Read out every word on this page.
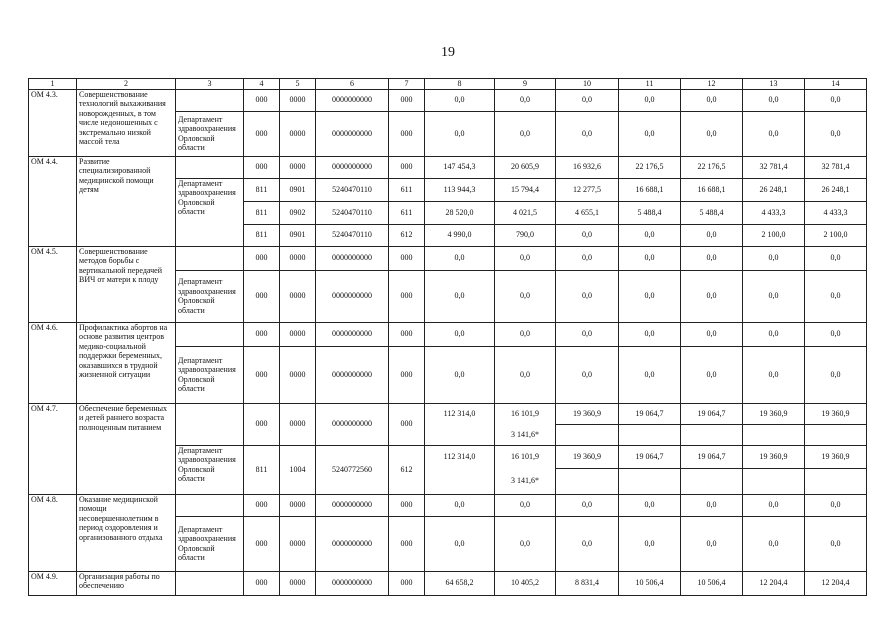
19
1	2	3	4	5	6	7	8	9	10	11	12	13	14
ОМ 4.3.	Совершенствование технологий выхаживания новорожденных, в том числе недоношенных с экстремально низкой массой тела		000	0000	0000000000	000	0,0	0,0	0,0	0,0	0,0	0,0	0,0
		Департамент здравоохранения Орловской области	000	0000	0000000000	000	0,0	0,0	0,0	0,0	0,0	0,0	0,0
ОМ 4.4.	Развитие специализированной медицинской помощи детям		000	0000	0000000000	000	147 454,3	20 605,9	16 932,6	22 176,5	22 176,5	32 781,4	32 781,4
		Департамент здравоохранения Орловской области	811	0901	5240470110	611	113 944,3	15 794,4	12 277,5	16 688,1	16 688,1	26 248,1	26 248,1
			811	0902	5240470110	611	28 520,0	4 021,5	4 655,1	5 488,4	5 488,4	4 433,3	4 433,3
			811	0901	5240470110	612	4 990,0	790,0	0,0	0,0	0,0	2 100,0	2 100,0
ОМ 4.5.	Совершенствование методов борьбы с вертикальной передачей ВИЧ от матери к плоду		000	0000	0000000000	000	0,0	0,0	0,0	0,0	0,0	0,0	0,0
		Департамент здравоохранения Орловской области	000	0000	0000000000	000	0,0	0,0	0,0	0,0	0,0	0,0	0,0
ОМ 4.6.	Профилактика абортов на основе развития центров медико-социальной поддержки беременных, оказавшихся в трудной жизненной ситуации		000	0000	0000000000	000	0,0	0,0	0,0	0,0	0,0	0,0	0,0
		Департамент здравоохранения Орловской области	000	0000	0000000000	000	0,0	0,0	0,0	0,0	0,0	0,0	0,0
ОМ 4.7.	Обеспечение беременных и детей раннего возраста полноценным питанием		000	0000	0000000000	000	112 314,0	16 101,9	19 360,9	19 064,7	19 064,7	19 360,9	19 360,9
								3 141,6*					
		Департамент здравоохранения Орловской области	811	1004	5240772560	612	112 314,0	16 101,9	19 360,9	19 064,7	19 064,7	19 360,9	19 360,9
								3 141,6*					
ОМ 4.8.	Оказание медицинской помощи несовершеннолетним в период оздоровления и организованного отдыха		000	0000	0000000000	000	0,0	0,0	0,0	0,0	0,0	0,0	0,0
		Департамент здравоохранения Орловской области	000	0000	0000000000	000	0,0	0,0	0,0	0,0	0,0	0,0	0,0
ОМ 4.9.	Организация работы по обеспечению		000	0000	0000000000	000	64 658,2	10 405,2	8 831,4	10 506,4	10 506,4	12 204,4	12 204,4
